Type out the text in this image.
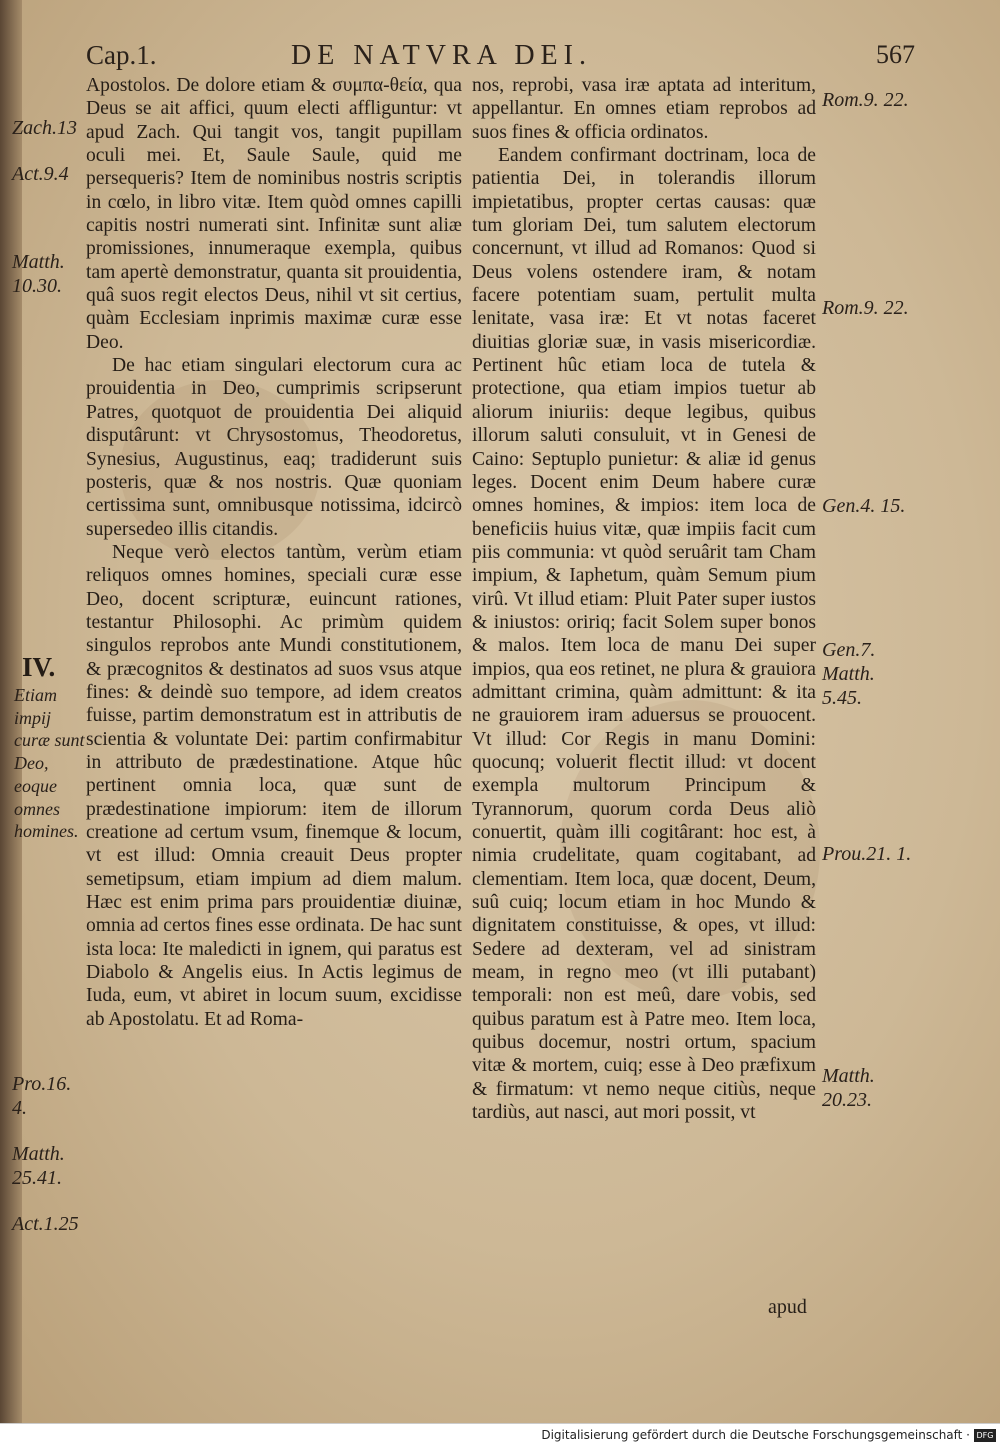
Cap.1.	DE NATVRA DEI.	567

Apostolos. De dolore etiam & συμπα-θεία, qua Deus se ait affici, quum electi affliguntur: vt apud Zach. Qui tangit vos, tangit pupillam oculi mei. Et, Saule Saule, quid me persequeris? Item de nominibus nostris scriptis in cœlo, in libro vitæ. Item quòd omnes capilli capitis nostri numerati sint. Infinitæ sunt aliæ promissiones, innumeraque exempla, quibus tam apertè demonstratur, quanta sit prouidentia, quâ suos regit electos Deus, nihil vt sit certius, quàm Ecclesiam inprimis maximæ curæ esse Deo.

De hac etiam singulari electorum cura ac prouidentia in Deo, cumprimis scripserunt Patres, quotquot de prouidentia Dei aliquid disputârunt: vt Chrysostomus, Theodoretus, Synesius, Augustinus, eaq; tradiderunt suis posteris, quæ & nos nostris. Quæ quoniam certissima sunt, omnibusque notissima, idcircò supersedeo illis citandis.

Neque verò electos tantùm, verùm etiam reliquos omnes homines, speciali curæ esse Deo, docent scripturæ, euincunt rationes, testantur Philosophi. Ac primùm quidem singulos reprobos ante Mundi constitutionem, & præcognitos & destinatos ad suos vsus atque fines: & deindè suo tempore, ad idem creatos fuisse, partim demonstratum est in attributis de scientia & voluntate Dei: partim confirmabitur in attributo de prædestinatione. Atque hûc pertinent omnia loca, quæ sunt de prædestinatione impiorum: item de illorum creatione ad certum vsum, finemque & locum, vt est illud: Omnia creauit Deus propter semetipsum, etiam impium ad diem malum. Hæc est enim prima pars prouidentiæ diuinæ, omnia ad certos fines esse ordinata. De hac sunt ista loca: Ite maledicti in ignem, qui paratus est Diabolo & Angelis eius. In Actis legimus de Iuda, eum, vt abiret in locum suum, excidisse ab Apostolatu. Et ad Roma-

nos, reprobi, vasa iræ aptata ad interitum, appellantur. En omnes etiam reprobos ad suos fines & officia ordinatos.

Eandem confirmant doctrinam, loca de patientia Dei, in tolerandis illorum impietatibus, propter certas causas: quæ tum gloriam Dei, tum salutem electorum concernunt, vt illud ad Romanos: Quod si Deus volens ostendere iram, & notam facere potentiam suam, pertulit multa lenitate, vasa iræ: Et vt notas faceret diuitias gloriæ suæ, in vasis misericordiæ. Pertinent hûc etiam loca de tutela & protectione, qua etiam impios tuetur ab aliorum iniuriis: deque legibus, quibus illorum saluti consuluit, vt in Genesi de Caino: Septuplo punietur: & aliæ id genus leges. Docent enim Deum habere curæ omnes homines, & impios: item loca de beneficiis huius vitæ, quæ impiis facit cum piis communia: vt quòd seruârit tam Cham impium, & Iaphetum, quàm Semum pium virû. Vt illud etiam: Pluit Pater super iustos & iniustos: oririq; facit Solem super bonos & malos. Item loca de manu Dei super impios, qua eos retinet, ne plura & grauiora admittant crimina, quàm admittunt: & ita ne grauiorem iram aduersus se prouocent. Vt illud: Cor Regis in manu Domini: quocunq; voluerit flectit illud: vt docent exempla multorum Principum & Tyrannorum, quorum corda Deus aliò conuertit, quàm illi cogitârant: hoc est, à nimia crudelitate, quam cogitabant, ad clementiam. Item loca, quæ docent, Deum, suû cuiq; locum etiam in hoc Mundo & dignitatem constituisse, & opes, vt illud: Sedere ad dexteram, vel ad sinistram meam, in regno meo (vt illi putabant) temporali: non est meû, dare vobis, sed quibus paratum est à Patre meo. Item loca, quibus docemur, nostri ortum, spacium vitæ & mortem, cuiq; esse à Deo præfixum & firmatum: vt nemo neque citiùs, neque tardiùs, aut nasci, aut mori possit, vt

apud
Zach.13
Act.9.4
Matth. 10.30.
Pro.16. 4.
Matth. 25.41.
Act.1.25
IV.
Etiam impij curæ sunt Deo, eoque omnes homines.
Rom.9. 22.
Rom.9. 22.
Gen.4. 15.
Gen.7. Matth. 5.45.
Prou.21. 1.
Matth. 20.23.
Digitalisierung gefördert durch die Deutsche Forschungsgemeinschaft · DFG
